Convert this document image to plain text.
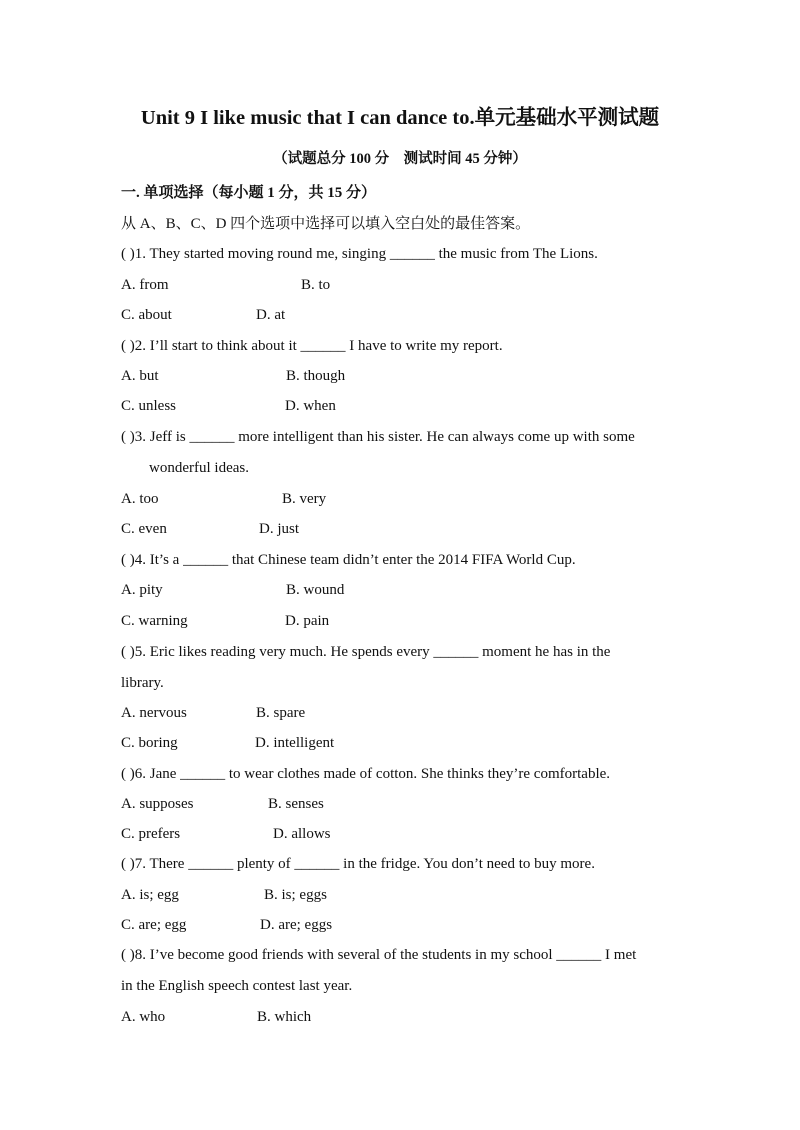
Unit 9 I like music that I can dance to.单元基础水平测试题
（试题总分 100 分　测试时间 45 分钟）
一. 单项选择（每小题 1 分，共 15 分）
从 A、B、C、D 四个选项中选择可以填入空白处的最佳答案。
( )1. They started moving round me, singing ______ the music from The Lions.
A. from	B. to
C. about	D. at
( )2. I’ll start to think about it ______ I have to write my report.
A. but	B. though
C. unless	D. when
( )3. Jeff is ______ more intelligent than his sister. He can always come up with some
wonderful ideas.
A. too	B. very
C. even	D. just
( )4. It’s a ______ that Chinese team didn’t enter the 2014 FIFA World Cup.
A. pity	B. wound
C. warning	D. pain
( )5. Eric likes reading very much. He spends every ______ moment he has in the
library.
A. nervous	B. spare
C. boring	D. intelligent
( )6. Jane ______ to wear clothes made of cotton. She thinks they’re comfortable.
A. supposes	B. senses
C. prefers	D. allows
( )7. There ______ plenty of ______ in the fridge. You don’t need to buy more.
A. is; egg	B. is; eggs
C. are; egg	D. are; eggs
( )8. I’ve become good friends with several of the students in my school ______ I met
in the English speech contest last year.
A. who	B. which
